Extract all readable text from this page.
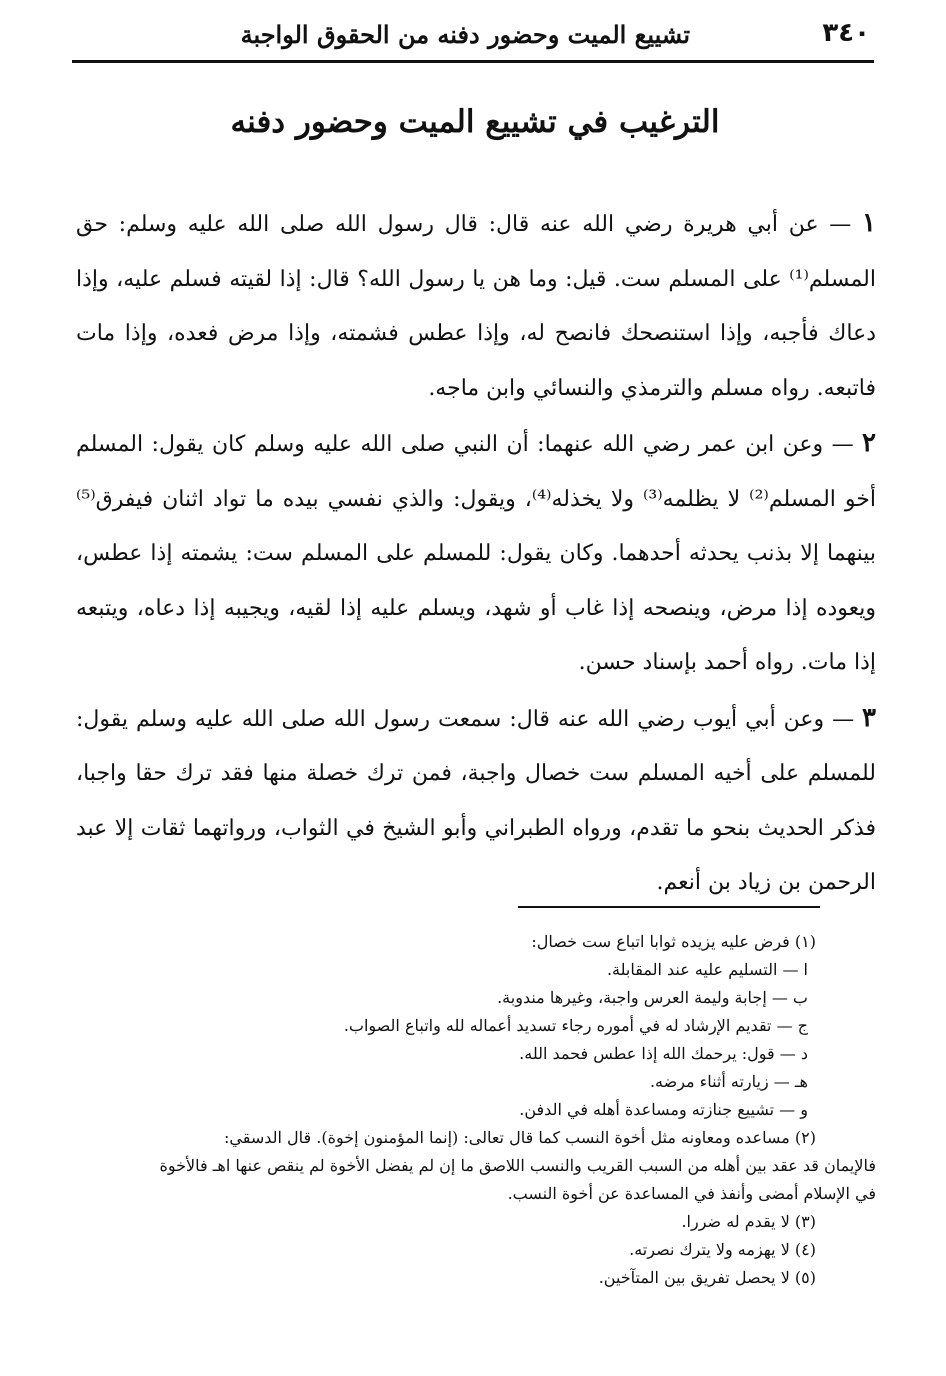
٣٤٠
تشييع الميت وحضور دفنه من الحقوق الواجبة
الترغيب في تشييع الميت وحضور دفنه

١ — عن أبي هريرة رضي الله عنه قال: قال رسول الله صلى الله عليه وسلم: حق المسلم⁽¹⁾ على المسلم ست. قيل: وما هن يا رسول الله؟ قال: إذا لقيته فسلم عليه، وإذا دعاك فأجبه، وإذا استنصحك فانصح له، وإذا عطس فشمته، وإذا مرض فعده، وإذا مات فاتبعه. رواه مسلم والترمذي والنسائي وابن ماجه.

٢ — وعن ابن عمر رضي الله عنهما: أن النبي صلى الله عليه وسلم كان يقول: المسلم أخو المسلم⁽²⁾ لا يظلمه⁽³⁾ ولا يخذله⁽⁴⁾، ويقول: والذي نفسي بيده ما تواد اثنان فيفرق⁽⁵⁾ بينهما إلا بذنب يحدثه أحدهما. وكان يقول: للمسلم على المسلم ست: يشمته إذا عطس، ويعوده إذا مرض، وينصحه إذا غاب أو شهد، ويسلم عليه إذا لقيه، ويجيبه إذا دعاه، ويتبعه إذا مات. رواه أحمد بإسناد حسن.

٣ — وعن أبي أيوب رضي الله عنه قال: سمعت رسول الله صلى الله عليه وسلم يقول: للمسلم على أخيه المسلم ست خصال واجبة، فمن ترك خصلة منها فقد ترك حقا واجبا، فذكر الحديث بنحو ما تقدم، ورواه الطبراني وأبو الشيخ في الثواب، ورواتهما ثقات إلا عبد الرحمن بن زياد بن أنعم.

(١) فرض عليه يزيده ثوابا اتباع ست خصال:
ا — التسليم عليه عند المقابلة.
ب — إجابة وليمة العرس واجبة، وغيرها مندوبة.
ج — تقديم الإرشاد له في أموره رجاء تسديد أعماله لله واتباع الصواب.
د — قول: يرحمك الله إذا عطس فحمد الله.
هـ — زيارته أثناء مرضه.
و — تشييع جنازته ومساعدة أهله في الدفن.
(٢) مساعده ومعاونه مثل أخوة النسب كما قال تعالى: (إنما المؤمنون إخوة). قال الدسقي:
فالإيمان قد عقد بين أهله من السبب القريب والنسب اللاصق ما إن لم يفضل الأخوة لم ينقص عنها اهـ فالأخوة
في الإسلام أمضى وأنفذ في المساعدة عن أخوة النسب.
(٣) لا يقدم له ضررا.
(٤) لا يهزمه ولا يترك نصرته.
(٥) لا يحصل تفريق بين المتآخين.
